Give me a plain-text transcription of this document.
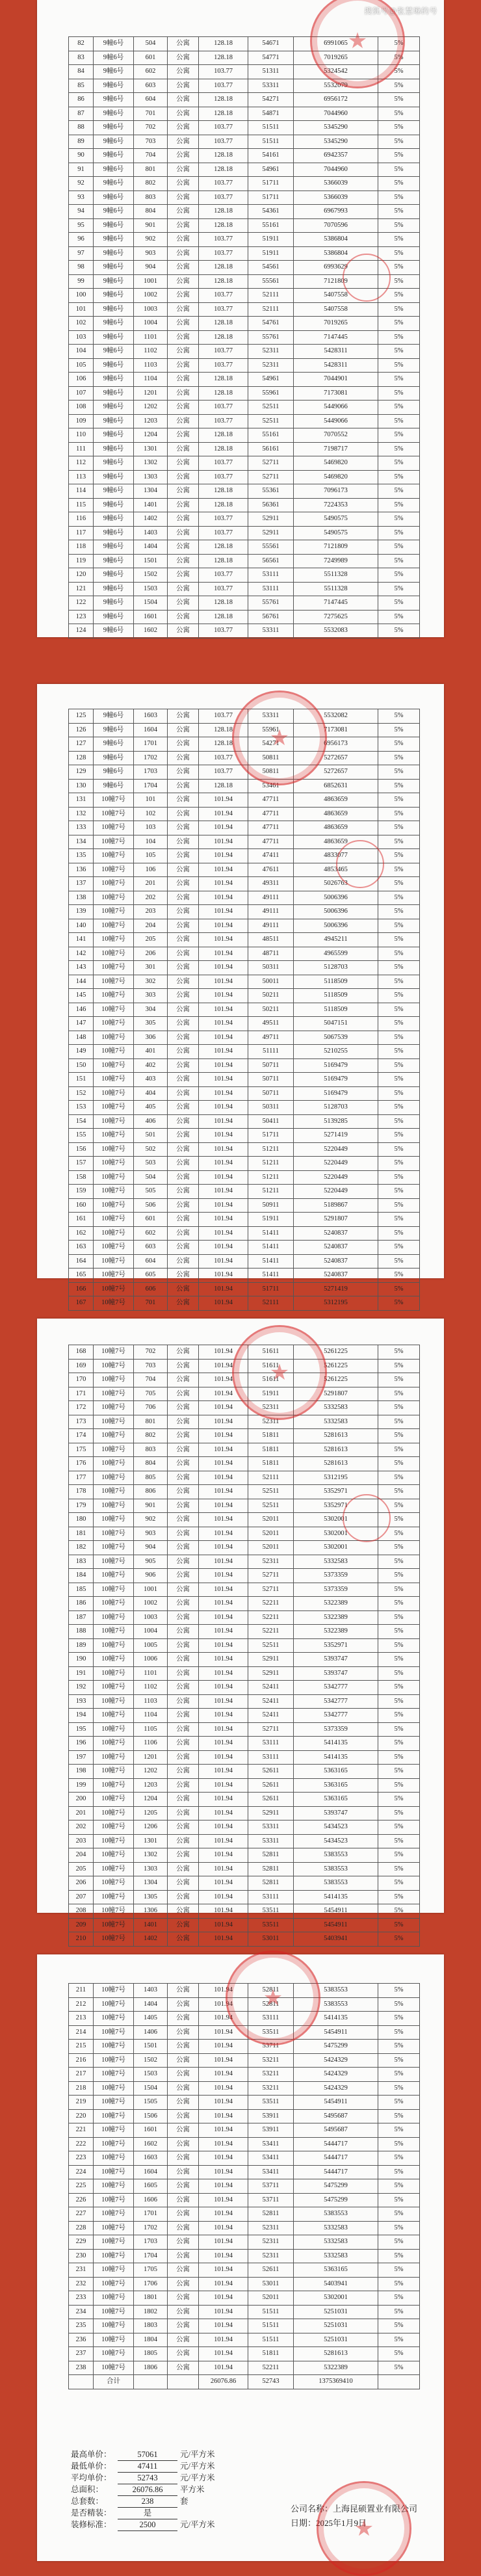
搜狐号@张慧琳的号
82	9幢6号	504	公寓	128.18	54671	6991065	5%
83	9幢6号	601	公寓	128.18	54771	7019265	5%
84	9幢6号	602	公寓	103.77	51311	5324542	5%
85	9幢6号	603	公寓	103.77	53311	5532079	5%
86	9幢6号	604	公寓	128.18	54271	6956172	5%
87	9幢6号	701	公寓	128.18	54871	7044960	5%
88	9幢6号	702	公寓	103.77	51511	5345290	5%
89	9幢6号	703	公寓	103.77	51511	5345290	5%
90	9幢6号	704	公寓	128.18	54161	6942357	5%
91	9幢6号	801	公寓	128.18	54961	7044960	5%
92	9幢6号	802	公寓	103.77	51711	5366039	5%
93	9幢6号	803	公寓	103.77	51711	5366039	5%
94	9幢6号	804	公寓	128.18	54361	6967993	5%
95	9幢6号	901	公寓	128.18	55161	7070596	5%
96	9幢6号	902	公寓	103.77	51911	5386804	5%
97	9幢6号	903	公寓	103.77	51911	5386804	5%
98	9幢6号	904	公寓	128.18	54561	6993629	5%
99	9幢6号	1001	公寓	128.18	55561	7121809	5%
100	9幢6号	1002	公寓	103.77	52111	5407558	5%
101	9幢6号	1003	公寓	103.77	52111	5407558	5%
102	9幢6号	1004	公寓	128.18	54761	7019265	5%
103	9幢6号	1101	公寓	128.18	55761	7147445	5%
104	9幢6号	1102	公寓	103.77	52311	5428311	5%
105	9幢6号	1103	公寓	103.77	52311	5428311	5%
106	9幢6号	1104	公寓	128.18	54961	7044901	5%
107	9幢6号	1201	公寓	128.18	55961	7173081	5%
108	9幢6号	1202	公寓	103.77	52511	5449066	5%
109	9幢6号	1203	公寓	103.77	52511	5449066	5%
110	9幢6号	1204	公寓	128.18	55161	7070552	5%
111	9幢6号	1301	公寓	128.18	56161	7198717	5%
112	9幢6号	1302	公寓	103.77	52711	5469820	5%
113	9幢6号	1303	公寓	103.77	52711	5469820	5%
114	9幢6号	1304	公寓	128.18	55361	7096173	5%
115	9幢6号	1401	公寓	128.18	56361	7224353	5%
116	9幢6号	1402	公寓	103.77	52911	5490575	5%
117	9幢6号	1403	公寓	103.77	52911	5490575	5%
118	9幢6号	1404	公寓	128.18	55561	7121809	5%
119	9幢6号	1501	公寓	128.18	56561	7249989	5%
120	9幢6号	1502	公寓	103.77	53111	5511328	5%
121	9幢6号	1503	公寓	103.77	53111	5511328	5%
122	9幢6号	1504	公寓	128.18	55761	7147445	5%
123	9幢6号	1601	公寓	128.18	56761	7275625	5%
124	9幢6号	1602	公寓	103.77	53311	5532083	5%
★
125	9幢6号	1603	公寓	103.77	53311	5532082	5%
126	9幢6号	1604	公寓	128.18	55961	7173081	5%
127	9幢6号	1701	公寓	128.18	54271	6956173	5%
128	9幢6号	1702	公寓	103.77	50811	5272657	5%
129	9幢6号	1703	公寓	103.77	50811	5272657	5%
130	9幢6号	1704	公寓	128.18	53461	6852631	5%
131	10幢7号	101	公寓	101.94	47711	4863659	5%
132	10幢7号	102	公寓	101.94	47711	4863659	5%
133	10幢7号	103	公寓	101.94	47711	4863659	5%
134	10幢7号	104	公寓	101.94	47711	4863659	5%
135	10幢7号	105	公寓	101.94	47411	4833077	5%
136	10幢7号	106	公寓	101.94	47611	4853465	5%
137	10幢7号	201	公寓	101.94	49311	5026763	5%
138	10幢7号	202	公寓	101.94	49111	5006396	5%
139	10幢7号	203	公寓	101.94	49111	5006396	5%
140	10幢7号	204	公寓	101.94	49111	5006396	5%
141	10幢7号	205	公寓	101.94	48511	4945211	5%
142	10幢7号	206	公寓	101.94	48711	4965599	5%
143	10幢7号	301	公寓	101.94	50311	5128703	5%
144	10幢7号	302	公寓	101.94	50011	5118509	5%
145	10幢7号	303	公寓	101.94	50211	5118509	5%
146	10幢7号	304	公寓	101.94	50211	5118509	5%
147	10幢7号	305	公寓	101.94	49511	5047151	5%
148	10幢7号	306	公寓	101.94	49711	5067539	5%
149	10幢7号	401	公寓	101.94	51111	5210255	5%
150	10幢7号	402	公寓	101.94	50711	5169479	5%
151	10幢7号	403	公寓	101.94	50711	5169479	5%
152	10幢7号	404	公寓	101.94	50711	5169479	5%
153	10幢7号	405	公寓	101.94	50311	5128703	5%
154	10幢7号	406	公寓	101.94	50411	5139285	5%
155	10幢7号	501	公寓	101.94	51711	5271419	5%
156	10幢7号	502	公寓	101.94	51211	5220449	5%
157	10幢7号	503	公寓	101.94	51211	5220449	5%
158	10幢7号	504	公寓	101.94	51211	5220449	5%
159	10幢7号	505	公寓	101.94	51211	5220449	5%
160	10幢7号	506	公寓	101.94	50911	5189867	5%
161	10幢7号	601	公寓	101.94	51911	5291807	5%
162	10幢7号	602	公寓	101.94	51411	5240837	5%
163	10幢7号	603	公寓	101.94	51411	5240837	5%
164	10幢7号	604	公寓	101.94	51411	5240837	5%
165	10幢7号	605	公寓	101.94	51411	5240837	5%
166	10幢7号	606	公寓	101.94	51711	5271419	5%
167	10幢7号	701	公寓	101.94	52111	5312195	5%
★
168	10幢7号	702	公寓	101.94	51611	5261225	5%
169	10幢7号	703	公寓	101.94	51611	5261225	5%
170	10幢7号	704	公寓	101.94	51611	5261225	5%
171	10幢7号	705	公寓	101.94	51911	5291807	5%
172	10幢7号	706	公寓	101.94	52311	5332583	5%
173	10幢7号	801	公寓	101.94	52311	5332583	5%
174	10幢7号	802	公寓	101.94	51811	5281613	5%
175	10幢7号	803	公寓	101.94	51811	5281613	5%
176	10幢7号	804	公寓	101.94	51811	5281613	5%
177	10幢7号	805	公寓	101.94	52111	5312195	5%
178	10幢7号	806	公寓	101.94	52511	5352971	5%
179	10幢7号	901	公寓	101.94	52511	5352971	5%
180	10幢7号	902	公寓	101.94	52011	5302001	5%
181	10幢7号	903	公寓	101.94	52011	5302001	5%
182	10幢7号	904	公寓	101.94	52011	5302001	5%
183	10幢7号	905	公寓	101.94	52311	5332583	5%
184	10幢7号	906	公寓	101.94	52711	5373359	5%
185	10幢7号	1001	公寓	101.94	52711	5373359	5%
186	10幢7号	1002	公寓	101.94	52211	5322389	5%
187	10幢7号	1003	公寓	101.94	52211	5322389	5%
188	10幢7号	1004	公寓	101.94	52211	5322389	5%
189	10幢7号	1005	公寓	101.94	52511	5352971	5%
190	10幢7号	1006	公寓	101.94	52911	5393747	5%
191	10幢7号	1101	公寓	101.94	52911	5393747	5%
192	10幢7号	1102	公寓	101.94	52411	5342777	5%
193	10幢7号	1103	公寓	101.94	52411	5342777	5%
194	10幢7号	1104	公寓	101.94	52411	5342777	5%
195	10幢7号	1105	公寓	101.94	52711	5373359	5%
196	10幢7号	1106	公寓	101.94	53111	5414135	5%
197	10幢7号	1201	公寓	101.94	53111	5414135	5%
198	10幢7号	1202	公寓	101.94	52611	5363165	5%
199	10幢7号	1203	公寓	101.94	52611	5363165	5%
200	10幢7号	1204	公寓	101.94	52611	5363165	5%
201	10幢7号	1205	公寓	101.94	52911	5393747	5%
202	10幢7号	1206	公寓	101.94	53311	5434523	5%
203	10幢7号	1301	公寓	101.94	53311	5434523	5%
204	10幢7号	1302	公寓	101.94	52811	5383553	5%
205	10幢7号	1303	公寓	101.94	52811	5383553	5%
206	10幢7号	1304	公寓	101.94	52811	5383553	5%
207	10幢7号	1305	公寓	101.94	53111	5414135	5%
208	10幢7号	1306	公寓	101.94	53511	5454911	5%
209	10幢7号	1401	公寓	101.94	53511	5454911	5%
210	10幢7号	1402	公寓	101.94	53011	5403941	5%
★
211	10幢7号	1403	公寓	101.94	52811	5383553	5%
212	10幢7号	1404	公寓	101.94	52811	5383553	5%
213	10幢7号	1405	公寓	101.94	53111	5414135	5%
214	10幢7号	1406	公寓	101.94	53511	5454911	5%
215	10幢7号	1501	公寓	101.94	53711	5475299	5%
216	10幢7号	1502	公寓	101.94	53211	5424329	5%
217	10幢7号	1503	公寓	101.94	53211	5424329	5%
218	10幢7号	1504	公寓	101.94	53211	5424329	5%
219	10幢7号	1505	公寓	101.94	53511	5454911	5%
220	10幢7号	1506	公寓	101.94	53911	5495687	5%
221	10幢7号	1601	公寓	101.94	53911	5495687	5%
222	10幢7号	1602	公寓	101.94	53411	5444717	5%
223	10幢7号	1603	公寓	101.94	53411	5444717	5%
224	10幢7号	1604	公寓	101.94	53411	5444717	5%
225	10幢7号	1605	公寓	101.94	53711	5475299	5%
226	10幢7号	1606	公寓	101.94	53711	5475299	5%
227	10幢7号	1701	公寓	101.94	52811	5383553	5%
228	10幢7号	1702	公寓	101.94	52311	5332583	5%
229	10幢7号	1703	公寓	101.94	52311	5332583	5%
230	10幢7号	1704	公寓	101.94	52311	5332583	5%
231	10幢7号	1705	公寓	101.94	52611	5363165	5%
232	10幢7号	1706	公寓	101.94	53011	5403941	5%
233	10幢7号	1801	公寓	101.94	52011	5302001	5%
234	10幢7号	1802	公寓	101.94	51511	5251031	5%
235	10幢7号	1803	公寓	101.94	51511	5251031	5%
236	10幢7号	1804	公寓	101.94	51511	5251031	5%
237	10幢7号	1805	公寓	101.94	51811	5281613	5%
238	10幢7号	1806	公寓	101.94	52211	5322389	5%
	合计			26076.86	52743	1375369410	
★
最高单价：	57061	元/平方米
最低单价：	47411	元/平方米
平均单价：	52743	元/平方米
总面积：	26076.86 平方米
总套数：	238	套
是否精装：	是
装修标准：	2500	元/平方米
公司名称：上海昆硕置业有限公司
日期：2025年1月9日
★
